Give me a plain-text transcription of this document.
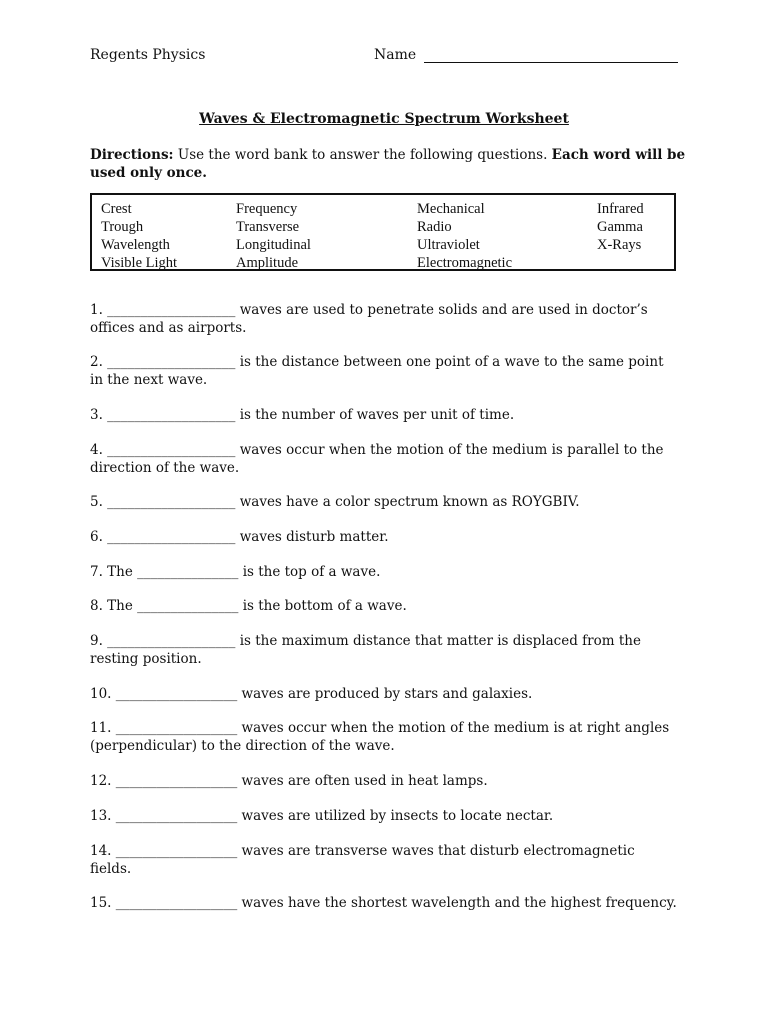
Regents Physics	Name
Waves & Electromagnetic Spectrum Worksheet
Directions: Use the word bank to answer the following questions. Each word will be used only once.
Crest
Trough
Wavelength
Visible Light
Frequency
Transverse
Longitudinal
Amplitude
Mechanical
Radio
Ultraviolet
Electromagnetic
Infrared
Gamma
X-Rays
1. ___________________ waves are used to penetrate solids and are used in doctor’s offices and as airports.
2. ___________________ is the distance between one point of a wave to the same point in the next wave.
3. ___________________ is the number of waves per unit of time.
4. ___________________ waves occur when the motion of the medium is parallel to the direction of the wave.
5. ___________________ waves have a color spectrum known as ROYGBIV.
6. ___________________ waves disturb matter.
7. The _______________ is the top of a wave.
8. The _______________ is the bottom of a wave.
9. ___________________ is the maximum distance that matter is displaced from the resting position.
10. __________________ waves are produced by stars and galaxies.
11. __________________ waves occur when the motion of the medium is at right angles (perpendicular) to the direction of the wave.
12. __________________ waves are often used in heat lamps.
13. __________________ waves are utilized by insects to locate nectar.
14. __________________ waves are transverse waves that disturb electromagnetic fields.
15. __________________ waves have the shortest wavelength and the highest frequency.
